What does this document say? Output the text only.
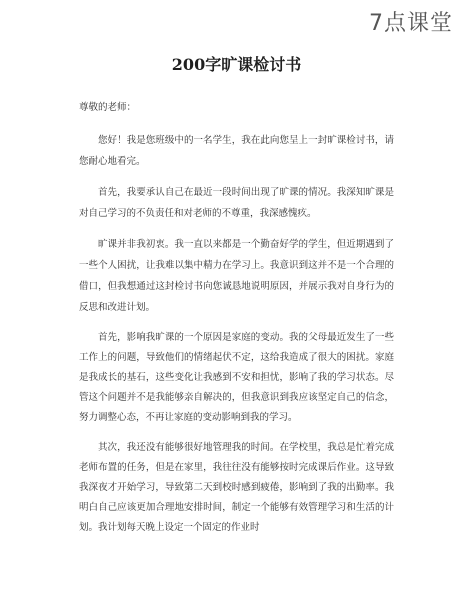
7点课堂
200字旷课检讨书
尊敬的老师：

您好！我是您班级中的一名学生，我在此向您呈上一封旷课检讨书，请您耐心地看完。

首先，我要承认自己在最近一段时间出现了旷课的情况。我深知旷课是对自己学习的不负责任和对老师的不尊重，我深感愧疚。

旷课并非我初衷。我一直以来都是一个勤奋好学的学生，但近期遇到了一些个人困扰，让我难以集中精力在学习上。我意识到这并不是一个合理的借口，但我想通过这封检讨书向您诚恳地说明原因，并展示我对自身行为的反思和改进计划。

首先，影响我旷课的一个原因是家庭的变动。我的父母最近发生了一些工作上的问题，导致他们的情绪起伏不定，这给我造成了很大的困扰。家庭是我成长的基石，这些变化让我感到不安和担忧，影响了我的学习状态。尽管这个问题并不是我能够亲自解决的，但我意识到我应该坚定自己的信念，努力调整心态，不再让家庭的变动影响到我的学习。

其次，我还没有能够很好地管理我的时间。在学校里，我总是忙着完成老师布置的任务，但是在家里，我往往没有能够按时完成课后作业。这导致我深夜才开始学习，导致第二天到校时感到疲倦，影响到了我的出勤率。我明白自己应该更加合理地安排时间，制定一个能够有效管理学习和生活的计划。我计划每天晚上设定一个固定的作业时
